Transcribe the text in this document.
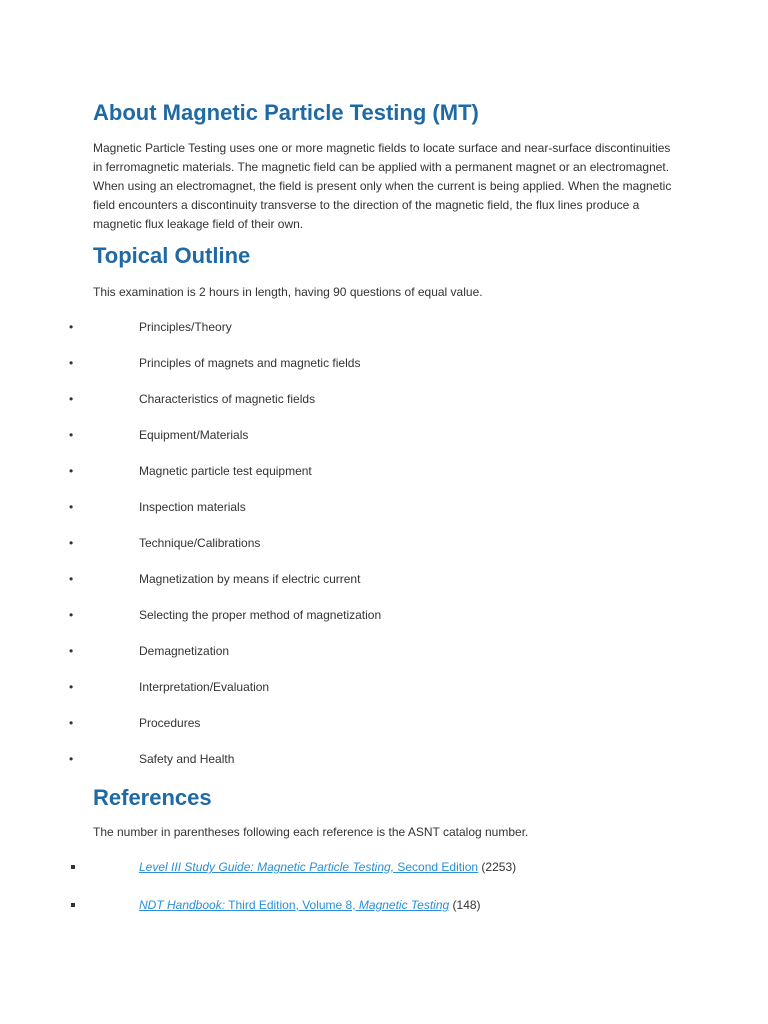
About Magnetic Particle Testing (MT)

Magnetic Particle Testing uses one or more magnetic fields to locate surface and near-surface discontinuities in ferromagnetic materials. The magnetic field can be applied with a permanent magnet or an electromagnet. When using an electromagnet, the field is present only when the current is being applied. When the magnetic field encounters a discontinuity transverse to the direction of the magnetic field, the flux lines produce a magnetic flux leakage field of their own.

Topical Outline

This examination is 2 hours in length, having 90 questions of equal value.

•	Principles/Theory
•	Principles of magnets and magnetic fields
•	Characteristics of magnetic fields
•	Equipment/Materials
•	Magnetic particle test equipment
•	Inspection materials
•	Technique/Calibrations
•	Magnetization by means if electric current
•	Selecting the proper method of magnetization
•	Demagnetization
•	Interpretation/Evaluation
•	Procedures
•	Safety and Health
References

The number in parentheses following each reference is the ASNT catalog number.

Level III Study Guide: Magnetic Particle Testing, Second Edition (2253)
NDT Handbook: Third Edition, Volume 8, Magnetic Testing (148)
